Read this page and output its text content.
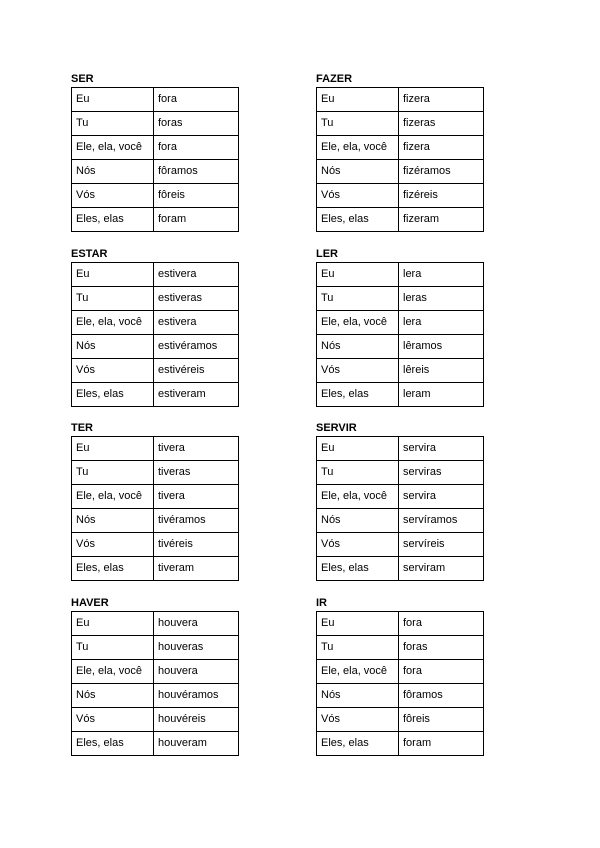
SER
Eu	fora
Tu	foras
Ele, ela, você	fora
Nós	fôramos
Vós	fôreis
Eles, elas	foram
FAZER
Eu	fizera
Tu	fizeras
Ele, ela, você	fizera
Nós	fizéramos
Vós	fizéreis
Eles, elas	fizeram
ESTAR
Eu	estivera
Tu	estiveras
Ele, ela, você	estivera
Nós	estivéramos
Vós	estivéreis
Eles, elas	estiveram
LER
Eu	lera
Tu	leras
Ele, ela, você	lera
Nós	lêramos
Vós	lêreis
Eles, elas	leram
TER
Eu	tivera
Tu	tiveras
Ele, ela, você	tivera
Nós	tivéramos
Vós	tivéreis
Eles, elas	tiveram
SERVIR
Eu	servira
Tu	serviras
Ele, ela, você	servira
Nós	servíramos
Vós	servíreis
Eles, elas	serviram
HAVER
Eu	houvera
Tu	houveras
Ele, ela, você	houvera
Nós	houvéramos
Vós	houvéreis
Eles, elas	houveram
IR
Eu	fora
Tu	foras
Ele, ela, você	fora
Nós	fôramos
Vós	fôreis
Eles, elas	foram
